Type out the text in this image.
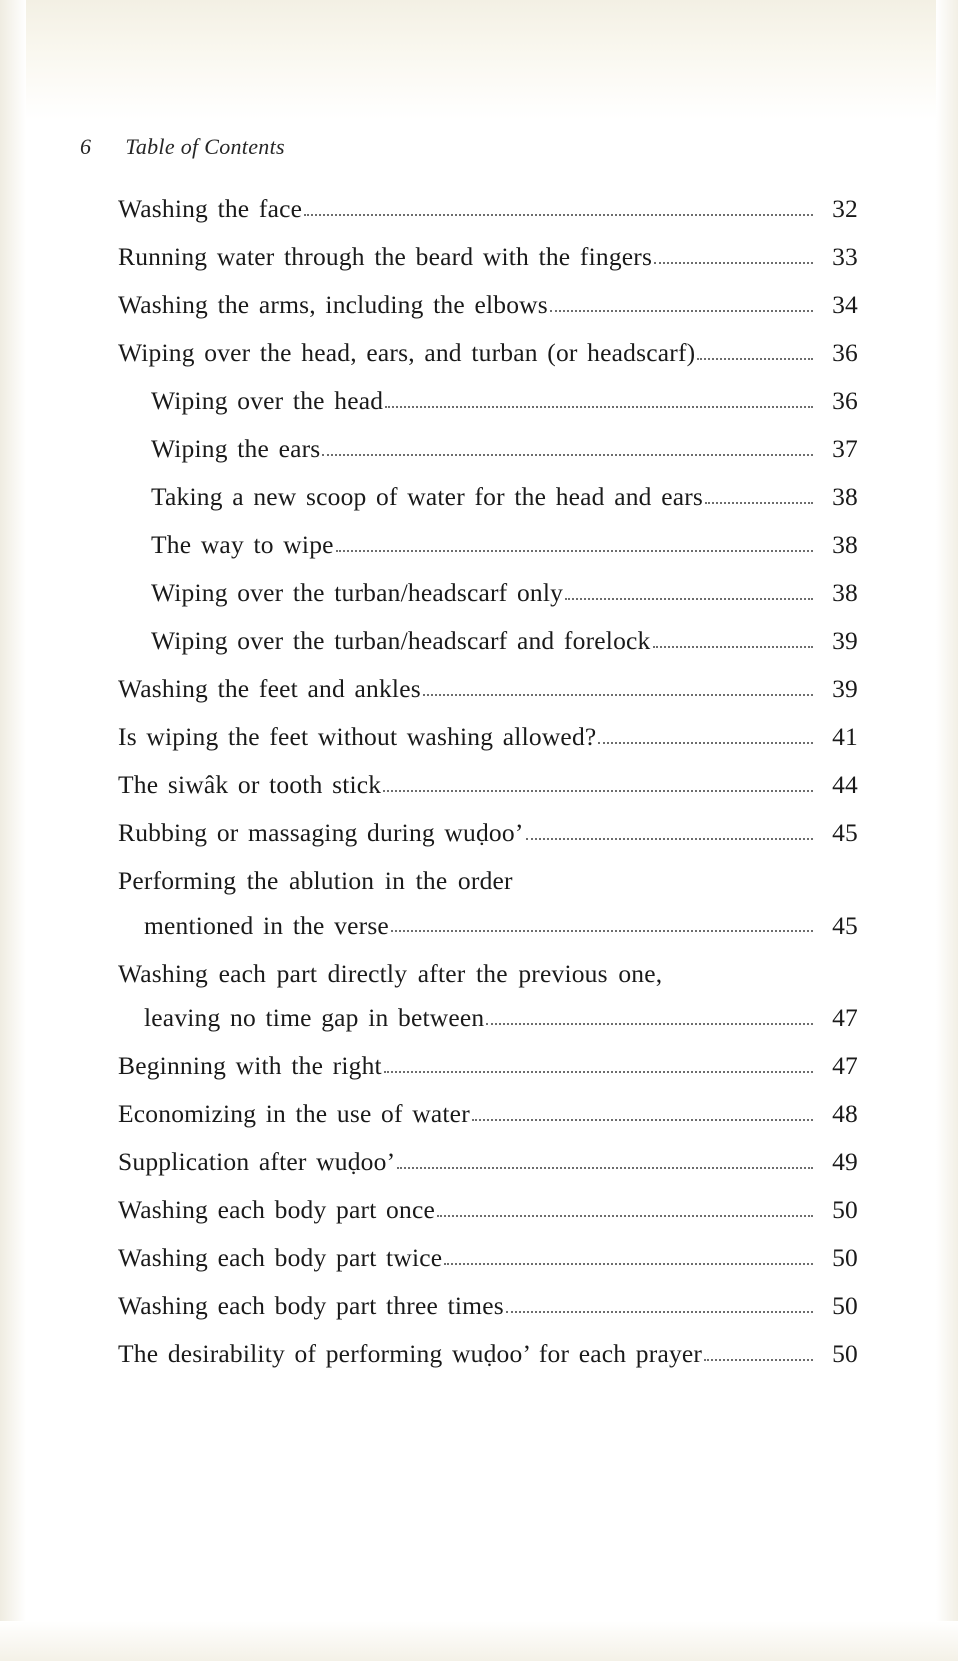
6 Table of Contents
Washing the face	32
Running water through the beard with the fingers	33
Washing the arms, including the elbows	34
Wiping over the head, ears, and turban (or headscarf)	36
Wiping over the head	36
Wiping the ears	37
Taking a new scoop of water for the head and ears	38
The way to wipe	38
Wiping over the turban/headscarf only	38
Wiping over the turban/headscarf and forelock	39
Washing the feet and ankles	39
Is wiping the feet without washing allowed?	41
The siwâk or tooth stick	44
Rubbing or massaging during wuḍoo’	45
Performing the ablution in the order
mentioned in the verse	45
Washing each part directly after the previous one,
leaving no time gap in between	47
Beginning with the right	47
Economizing in the use of water	48
Supplication after wuḍoo’	49
Washing each body part once	50
Washing each body part twice	50
Washing each body part three times	50
The desirability of performing wuḍoo’ for each prayer	50
